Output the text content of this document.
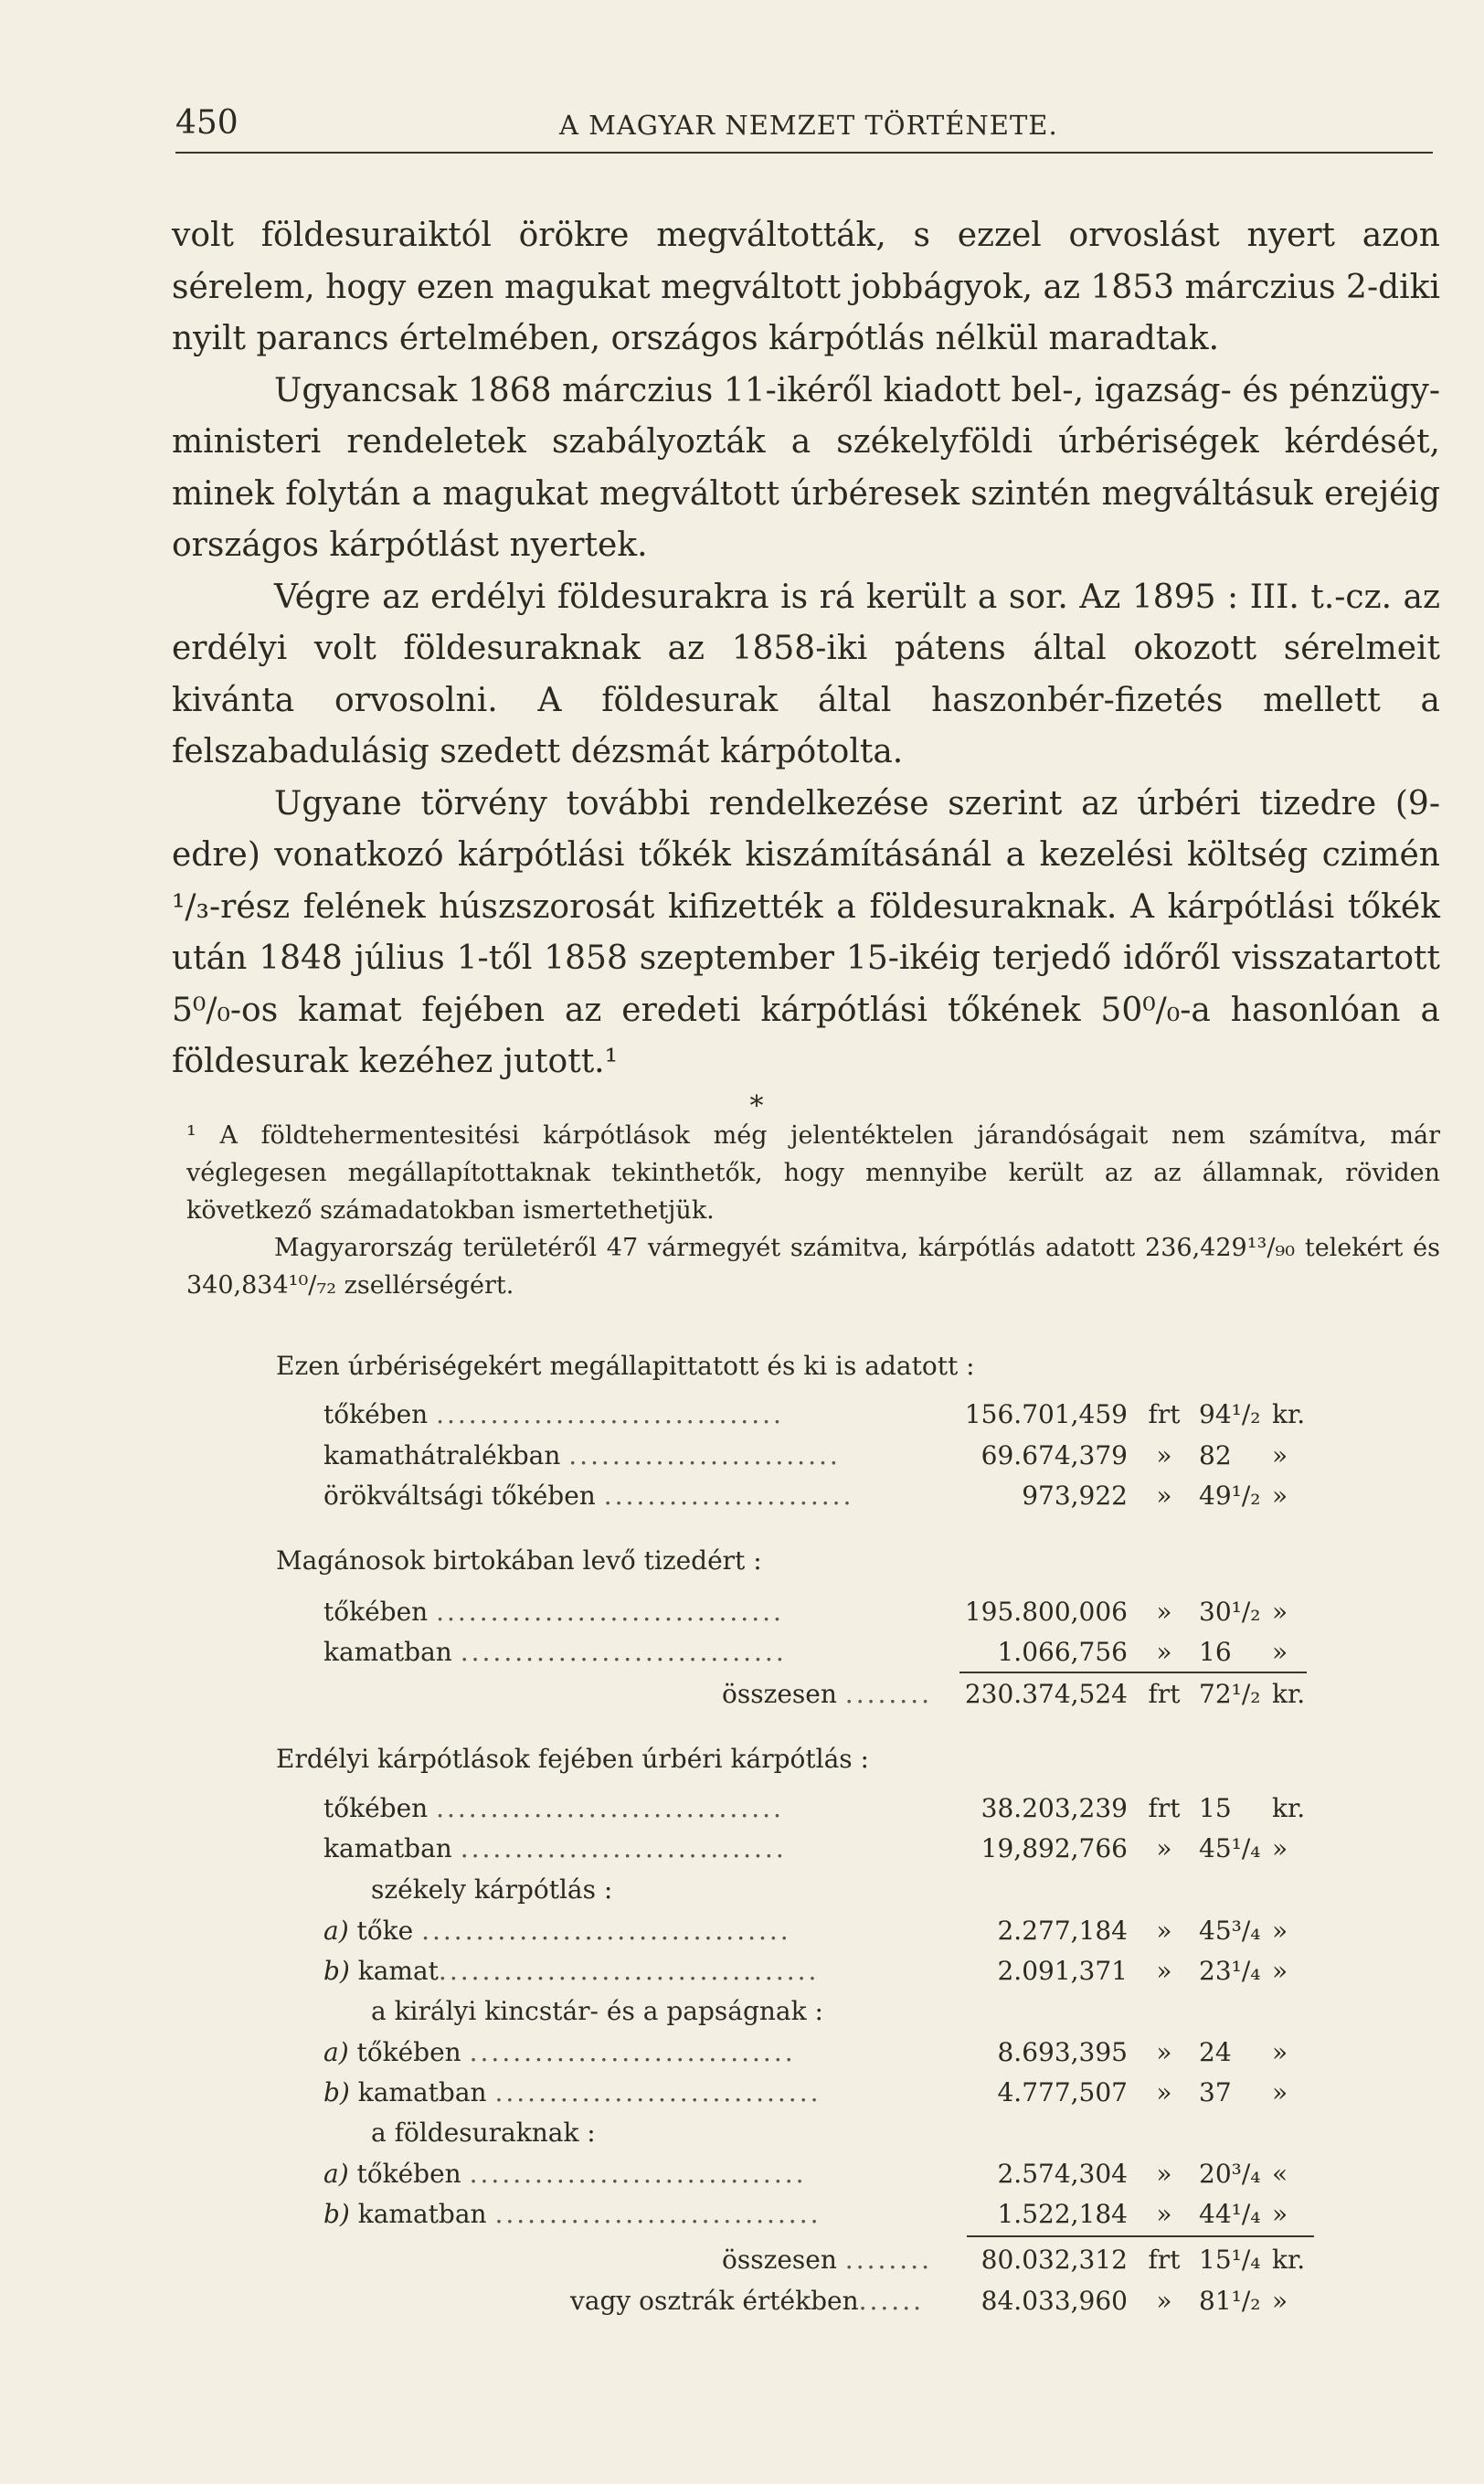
450	A MAGYAR NEMZET TÖRTÉNETE.

volt földesuraiktól örökre megváltották, s ezzel orvoslást nyert azon sérelem, hogy ezen magukat megváltott jobbágyok, az 1853 márczius 2-diki nyilt parancs értelmében, országos kárpótlás nélkül maradtak.

Ugyancsak 1868 márczius 11-ikéről kiadott bel-, igazság- és pénzügy-ministeri rendeletek szabályozták a székelyföldi úrbériségek kérdését, minek folytán a magukat megváltott úrbéresek szintén megváltásuk erejéig országos kárpótlást nyertek.

Végre az erdélyi földesurakra is rá került a sor. Az 1895 : III. t.-cz. az erdélyi volt földesuraknak az 1858-iki pátens által okozott sérelmeit kivánta orvosolni. A földesurak által haszonbér-fizetés mellett a felszabadulásig szedett dézsmát kárpótolta.

Ugyane törvény további rendelkezése szerint az úrbéri tizedre (9-edre) vonatkozó kárpótlási tőkék kiszámításánál a kezelési költség czimén ¹/₃-rész felének húszszorosát kifizették a földesuraknak. A kárpótlási tőkék után 1848 július 1-től 1858 szeptember 15-ikéig terjedő időről visszatartott 5⁰/₀-os kamat fejében az eredeti kárpótlási tőkének 50⁰/₀-a hasonlóan a földesurak kezéhez jutott.¹

*

¹ A földtehermentesitési kárpótlások még jelentéktelen járandóságait nem számítva, már véglegesen megállapítottaknak tekinthetők, hogy mennyibe került az az államnak, röviden következő számadatokban ismertethetjük.

Magyarország területéről 47 vármegyét számitva, kárpótlás adatott 236,429¹³/₉₀ telekért és 340,834¹⁰/₇₂ zsellérségért.

Ezen úrbériségekért megállapittatott és ki is adatott :
tőkében ................................	156.701,459 frt 94¹/₂ kr.
kamathátralékban .........................	69.674,379	»	82	»
örökváltsági tőkében .......................	973,922	»	49¹/₂ »
Magánosok birtokában levő tizedért :
tőkében ................................	195.800,006	»	30¹/₂ »
kamatban ..............................	1.066,756	»	16	»
összesen ........	230.374,524 frt 72¹/₂ kr.
Erdélyi kárpótlások fejében úrbéri kárpótlás :
tőkében ................................	38.203,239 frt 15	kr.
kamatban ..............................	19,892,766	»	45¹/₄ »
székely kárpótlás :
a) tőke ..................................	2.277,184	»	45³/₄ »
b) kamat...................................	2.091,371	»	23¹/₄ »
a királyi kincstár- és a papságnak :
a) tőkében ..............................	8.693,395	»	24	»
b) kamatban ..............................	4.777,507	»	37	»
a földesuraknak :
a) tőkében ...............................	2.574,304	»	20³/₄ «
b) kamatban ..............................	1.522,184	»	44¹/₄ »
összesen ........	80.032,312 frt 15¹/₄ kr.
vagy osztrák értékben......	84.033,960	»	81¹/₂ »
